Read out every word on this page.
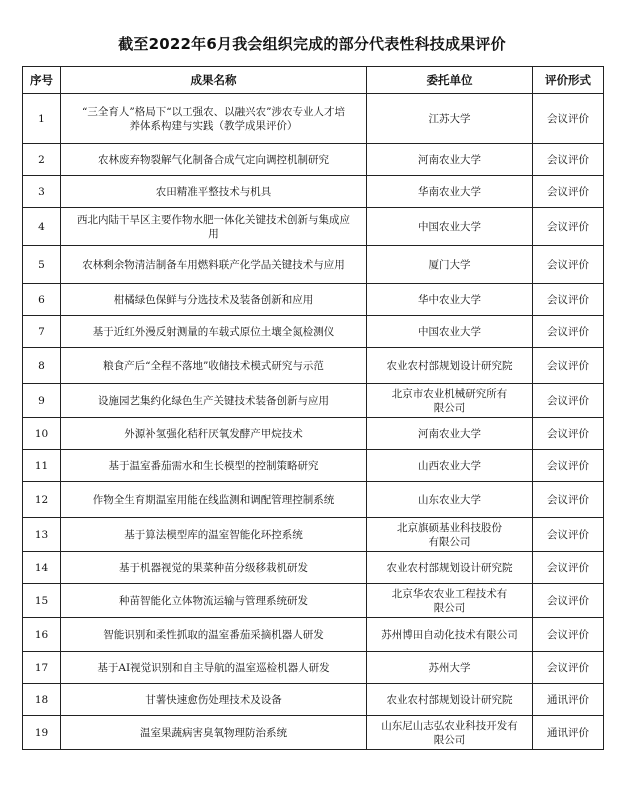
截至2022年6月我会组织完成的部分代表性科技成果评价
序号	成果名称	委托单位	评价形式
1	“三全育人”格局下“以工强农、以融兴农”涉农专业人才培养体系构建与实践（教学成果评价）	江苏大学	会议评价
2	农林废弃物裂解气化制备合成气定向调控机制研究	河南农业大学	会议评价
3	农田精准平整技术与机具	华南农业大学	会议评价
4	西北内陆干旱区主要作物水肥一体化关键技术创新与集成应用	中国农业大学	会议评价
5	农林剩余物清洁制备车用燃料联产化学品关键技术与应用	厦门大学	会议评价
6	柑橘绿色保鲜与分选技术及装备创新和应用	华中农业大学	会议评价
7	基于近红外漫反射测量的车载式原位土壤全氮检测仪	中国农业大学	会议评价
8	粮食产后“全程不落地”收储技术模式研究与示范	农业农村部规划设计研究院	会议评价
9	设施园艺集约化绿色生产关键技术装备创新与应用	北京市农业机械研究所有限公司	会议评价
10	外源补氢强化秸秆厌氧发酵产甲烷技术	河南农业大学	会议评价
11	基于温室番茄需水和生长模型的控制策略研究	山西农业大学	会议评价
12	作物全生育期温室用能在线监测和调配管理控制系统	山东农业大学	会议评价
13	基于算法模型库的温室智能化环控系统	北京旗硕基业科技股份有限公司	会议评价
14	基于机器视觉的果菜种苗分级移栽机研发	农业农村部规划设计研究院	会议评价
15	种苗智能化立体物流运输与管理系统研发	北京华农农业工程技术有限公司	会议评价
16	智能识别和柔性抓取的温室番茄采摘机器人研发	苏州博田自动化技术有限公司	会议评价
17	基于AI视觉识别和自主导航的温室巡检机器人研发	苏州大学	会议评价
18	甘薯快速愈伤处理技术及设备	农业农村部规划设计研究院	通讯评价
19	温室果蔬病害臭氧物理防治系统	山东尼山志弘农业科技开发有限公司	通讯评价
